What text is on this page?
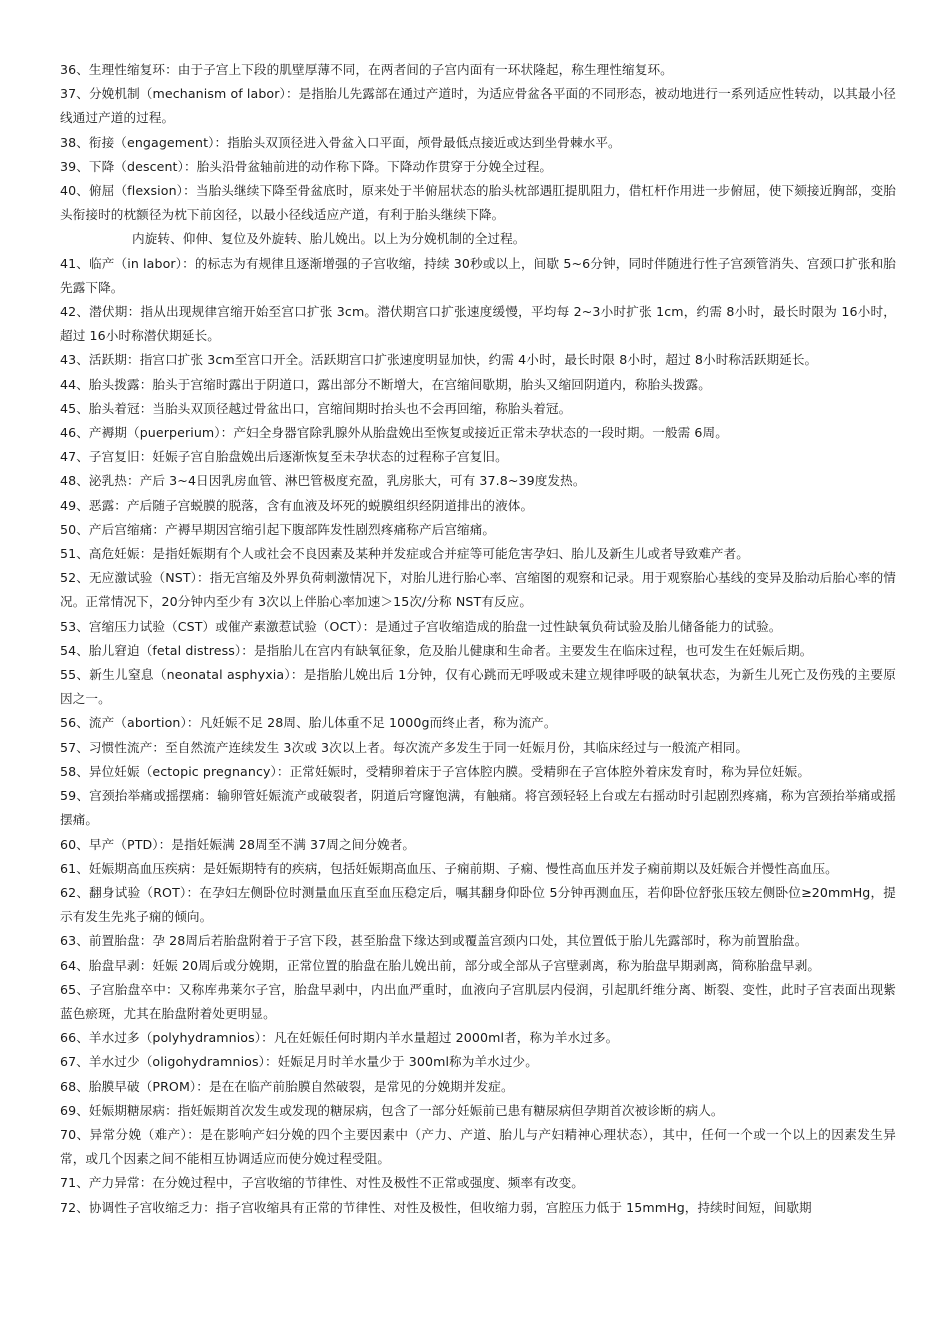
36、生理性缩复环：由于子宫上下段的肌壁厚薄不同，在两者间的子宫内面有一环状隆起，称生理性缩复环。

37、分娩机制（mechanism of labor）：是指胎儿先露部在通过产道时，为适应骨盆各平面的不同形态，被动地进行一系列适应性转动，以其最小径线通过产道的过程。

38、衔接（engagement）：指胎头双顶径进入骨盆入口平面，颅骨最低点接近或达到坐骨棘水平。

39、下降（descent）：胎头沿骨盆轴前进的动作称下降。下降动作贯穿于分娩全过程。

40、俯屈（flexsion）：当胎头继续下降至骨盆底时，原来处于半俯屈状态的胎头枕部遇肛提肌阻力，借杠杆作用进一步俯屈，使下颏接近胸部，变胎头衔接时的枕额径为枕下前囟径，以最小径线适应产道，有利于胎头继续下降。

内旋转、仰伸、复位及外旋转、胎儿娩出。以上为分娩机制的全过程。

41、临产（in labor）：的标志为有规律且逐渐增强的子宫收缩，持续 30秒或以上，间歇 5~6分钟，同时伴随进行性子宫颈管消失、宫颈口扩张和胎先露下降。

42、潜伏期：指从出现规律宫缩开始至宫口扩张 3cm。潜伏期宫口扩张速度缓慢，平均每 2~3小时扩张 1cm，约需 8小时，最长时限为 16小时，超过 16小时称潜伏期延长。

43、活跃期：指宫口扩张 3cm至宫口开全。活跃期宫口扩张速度明显加快，约需 4小时，最长时限 8小时，超过 8小时称活跃期延长。

44、胎头拨露：胎头于宫缩时露出于阴道口，露出部分不断增大，在宫缩间歇期，胎头又缩回阴道内，称胎头拨露。

45、胎头着冠：当胎头双顶径越过骨盆出口，宫缩间期时抬头也不会再回缩，称胎头着冠。

46、产褥期（puerperium）：产妇全身器官除乳腺外从胎盘娩出至恢复或接近正常未孕状态的一段时期。一般需 6周。

47、子宫复旧：妊娠子宫自胎盘娩出后逐渐恢复至未孕状态的过程称子宫复旧。

48、泌乳热：产后 3~4日因乳房血管、淋巴管极度充盈，乳房胀大，可有 37.8~39度发热。

49、恶露：产后随子宫蜕膜的脱落，含有血液及坏死的蜕膜组织经阴道排出的液体。

50、产后宫缩痛：产褥早期因宫缩引起下腹部阵发性剧烈疼痛称产后宫缩痛。

51、高危妊娠：是指妊娠期有个人或社会不良因素及某种并发症或合并症等可能危害孕妇、胎儿及新生儿或者导致难产者。

52、无应激试验（NST）：指无宫缩及外界负荷刺激情况下，对胎儿进行胎心率、宫缩图的观察和记录。用于观察胎心基线的变异及胎动后胎心率的情况。正常情况下，20分钟内至少有 3次以上伴胎心率加速＞15次/分称 NST有反应。

53、宫缩压力试验（CST）或催产素激惹试验（OCT）：是通过子宫收缩造成的胎盘一过性缺氧负荷试验及胎儿储备能力的试验。

54、胎儿窘迫（fetal distress）：是指胎儿在宫内有缺氧征象，危及胎儿健康和生命者。主要发生在临床过程，也可发生在妊娠后期。

55、新生儿窒息（neonatal asphyxia）：是指胎儿娩出后 1分钟，仅有心跳而无呼吸或未建立规律呼吸的缺氧状态，为新生儿死亡及伤残的主要原因之一。

56、流产（abortion）：凡妊娠不足 28周、胎儿体重不足 1000g而终止者，称为流产。

57、习惯性流产：至自然流产连续发生 3次或 3次以上者。每次流产多发生于同一妊娠月份，其临床经过与一般流产相同。

58、异位妊娠（ectopic pregnancy）：正常妊娠时，受精卵着床于子宫体腔内膜。受精卵在子宫体腔外着床发育时，称为异位妊娠。

59、宫颈抬举痛或摇摆痛：输卵管妊娠流产或破裂者，阴道后穹窿饱满，有触痛。将宫颈轻轻上台或左右摇动时引起剧烈疼痛，称为宫颈抬举痛或摇摆痛。

60、早产（PTD）：是指妊娠满 28周至不满 37周之间分娩者。

61、妊娠期高血压疾病：是妊娠期特有的疾病，包括妊娠期高血压、子痫前期、子痫、慢性高血压并发子痫前期以及妊娠合并慢性高血压。

62、翻身试验（ROT）：在孕妇左侧卧位时测量血压直至血压稳定后，嘱其翻身仰卧位 5分钟再测血压，若仰卧位舒张压较左侧卧位≥20mmHg，提示有发生先兆子痫的倾向。

63、前置胎盘：孕 28周后若胎盘附着于子宫下段，甚至胎盘下缘达到或覆盖宫颈内口处，其位置低于胎儿先露部时，称为前置胎盘。

64、胎盘早剥：妊娠 20周后或分娩期，正常位置的胎盘在胎儿娩出前，部分或全部从子宫壁剥离，称为胎盘早期剥离，简称胎盘早剥。

65、子宫胎盘卒中：又称库弗莱尔子宫，胎盘早剥中，内出血严重时，血液向子宫肌层内侵润，引起肌纤维分离、断裂、变性，此时子宫表面出现紫蓝色瘀斑，尤其在胎盘附着处更明显。

66、羊水过多（polyhydramnios）：凡在妊娠任何时期内羊水量超过 2000ml者，称为羊水过多。

67、羊水过少（oligohydramnios）：妊娠足月时羊水量少于 300ml称为羊水过少。

68、胎膜早破（PROM）：是在在临产前胎膜自然破裂，是常见的分娩期并发症。

69、妊娠期糖尿病：指妊娠期首次发生或发现的糖尿病，包含了一部分妊娠前已患有糖尿病但孕期首次被诊断的病人。

70、异常分娩（难产）：是在影响产妇分娩的四个主要因素中（产力、产道、胎儿与产妇精神心理状态），其中，任何一个或一个以上的因素发生异常，或几个因素之间不能相互协调适应而使分娩过程受阻。

71、产力异常：在分娩过程中，子宫收缩的节律性、对性及极性不正常或强度、频率有改变。

72、协调性子宫收缩乏力：指子宫收缩具有正常的节律性、对性及极性，但收缩力弱，宫腔压力低于 15mmHg，持续时间短，间歇期
